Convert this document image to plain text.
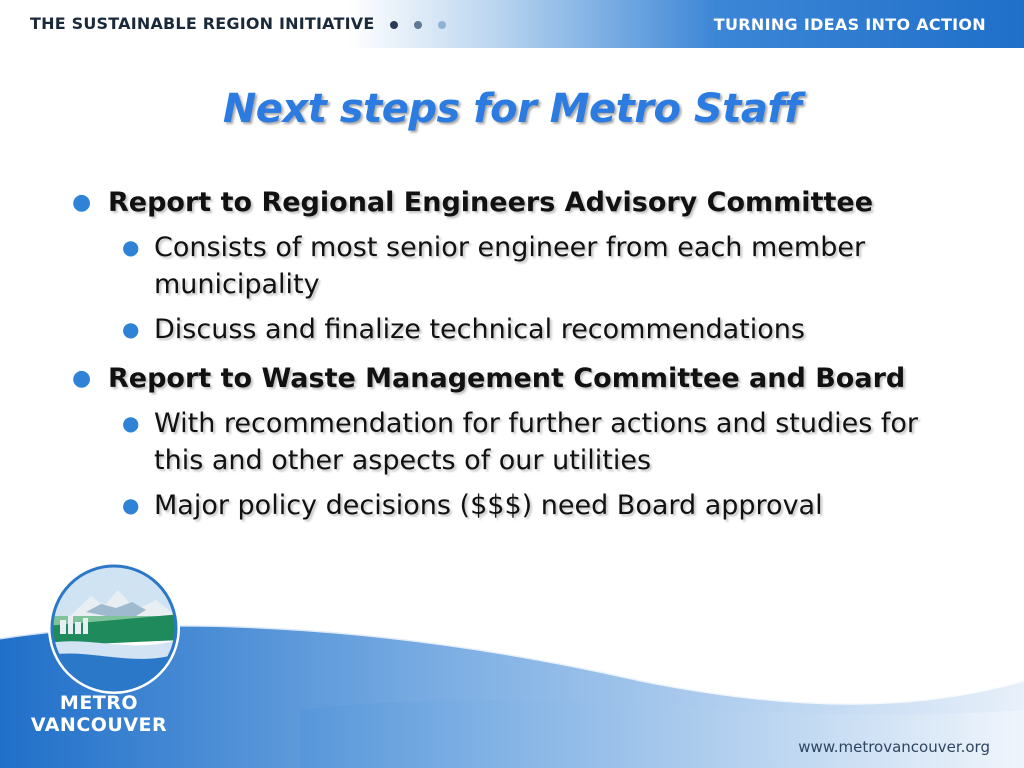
THE SUSTAINABLE REGION INITIATIVE	TURNING IDEAS INTO ACTION
Next steps for Metro Staff
● Report to Regional Engineers Advisory Committee
● Consists of most senior engineer from each member municipality
● Discuss and finalize technical recommendations
● Report to Waste Management Committee and Board
● With recommendation for further actions and studies for this and other aspects of our utilities
● Major policy decisions ($$$) need Board approval
METRO
VANCOUVER
www.metrovancouver.org
